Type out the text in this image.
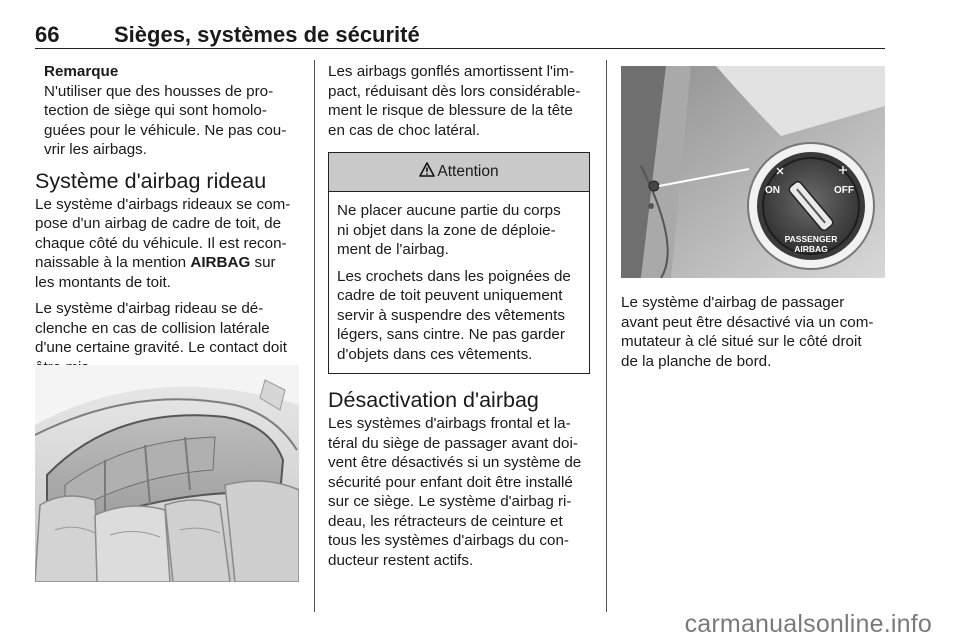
66 Sièges, systèmes de sécurité

Remarque

N'utiliser que des housses de pro-

tection de siège qui sont homolo-

guées pour le véhicule. Ne pas cou-

vrir les airbags.

Système d'airbag rideau

Le système d'airbags rideaux se com-

pose d'un airbag de cadre de toit, de

chaque côté du véhicule. Il est recon-

naissable à la mention AIRBAG sur

les montants de toit.

Le système d'airbag rideau se dé-

clenche en cas de collision latérale

d'une certaine gravité. Le contact doit

Les airbags gonflés amortissent l'im-

pact, réduisant dès lors considérable-

ment le risque de blessure de la tête

en cas de choc latéral.

Attention

Ne placer aucune partie du corps

ni objet dans la zone de déploie-

ment de l'airbag.

Les crochets dans les poignées de

cadre de toit peuvent uniquement

servir à suspendre des vêtements

légers, sans cintre. Ne pas garder

d'objets dans ces vêtements.

Désactivation d'airbag

Les systèmes d'airbags frontal et la-

téral du siège de passager avant doi-

vent être désactivés si un système de

sécurité pour enfant doit être installé

sur ce siège. Le système d'airbag ri-

deau, les rétracteurs de ceinture et

tous les systèmes d'airbags du con-

ducteur restent actifs.

ON	OFF
PASSENGER
AIRBAG

Le système d'airbag de passager

avant peut être désactivé via un com-

mutateur à clé situé sur le côté droit

de la planche de bord.

carmanualsonline.info
